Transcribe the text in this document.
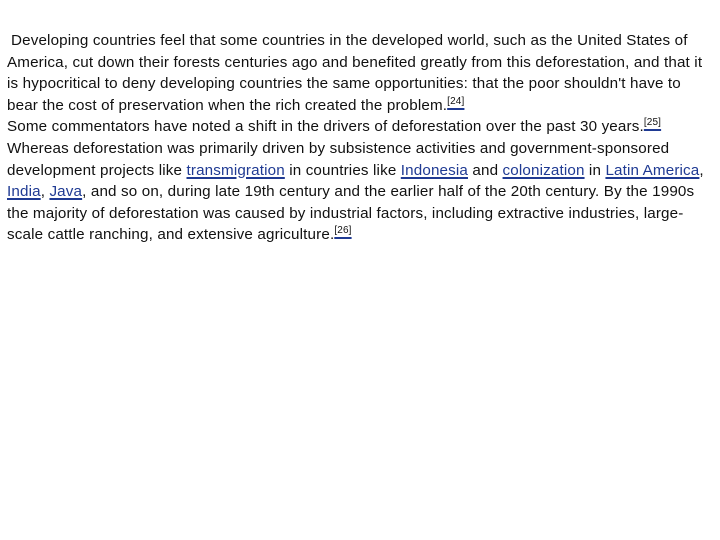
Developing countries feel that some countries in the developed world, such as the United States of America, cut down their forests centuries ago and benefited greatly from this deforestation, and that it is hypocritical to deny developing countries the same opportunities: that the poor shouldn't have to bear the cost of preservation when the rich created the problem.[24]

Some commentators have noted a shift in the drivers of deforestation over the past 30 years.[25] Whereas deforestation was primarily driven by subsistence activities and government-sponsored development projects like transmigration in countries like Indonesia and colonization in Latin America, India, Java, and so on, during late 19th century and the earlier half of the 20th century. By the 1990s the majority of deforestation was caused by industrial factors, including extractive industries, large-scale cattle ranching, and extensive agriculture.[26]
